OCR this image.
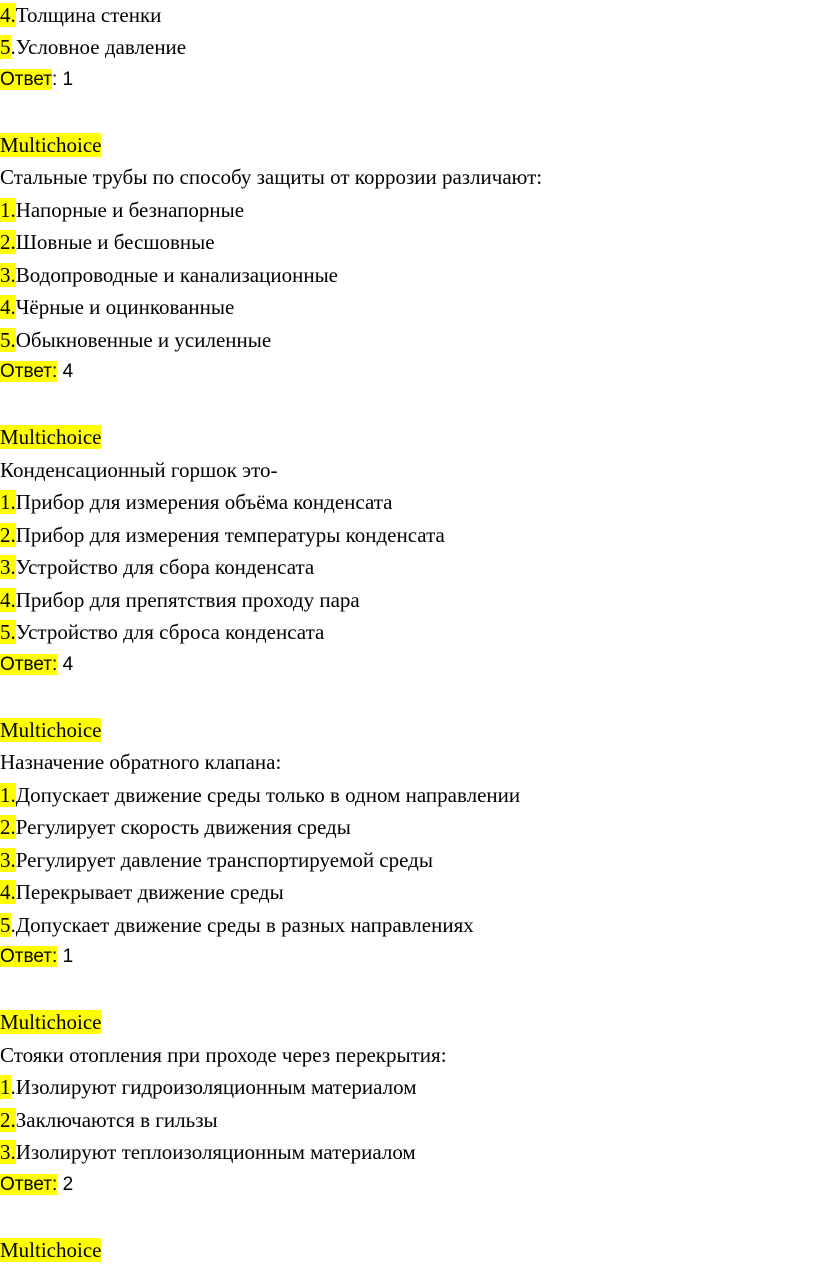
4.Толщина стенки
5.Условное давление
Ответ: 1
Multichoice
Стальные трубы по способу защиты от коррозии различают:
1.Напорные и безнапорные
2.Шовные и бесшовные
3.Водопроводные и канализационные
4.Чёрные и оцинкованные
5.Обыкновенные и усиленные
Ответ: 4
Multichoice
Конденсационный горшок это-
1.Прибор для измерения объёма конденсата
2.Прибор для измерения температуры конденсата
3.Устройство для сбора конденсата
4.Прибор для препятствия проходу пара
5.Устройство для сброса конденсата
Ответ: 4
Multichoice
Назначение обратного клапана:
1.Допускает движение среды только в одном направлении
2.Регулирует скорость движения среды
3.Регулирует давление транспортируемой среды
4.Перекрывает движение среды
5.Допускает движение среды в разных направлениях
Ответ: 1
Multichoice
Стояки отопления при проходе через перекрытия:
1.Изолируют гидроизоляционным материалом
2.Заключаются в гильзы
3.Изолируют теплоизоляционным материалом
Ответ: 2
Multichoice
